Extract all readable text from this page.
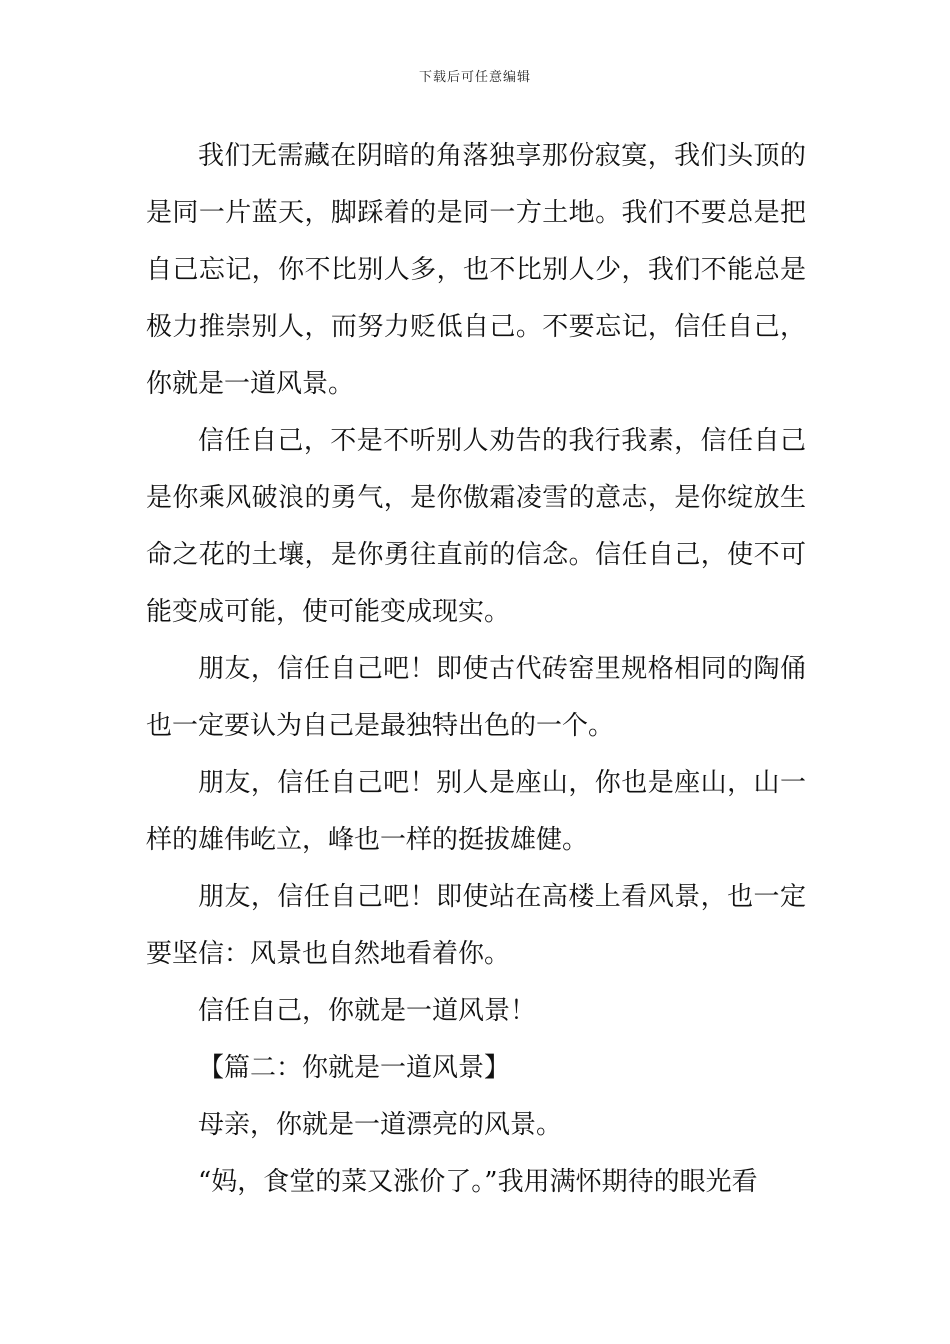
下载后可任意编辑

我们无需藏在阴暗的角落独享那份寂寞，我们头顶的是同一片蓝天，脚踩着的是同一方土地。我们不要总是把自己忘记，你不比别人多，也不比别人少，我们不能总是极力推崇别人，而努力贬低自己。不要忘记，信任自己，你就是一道风景。

信任自己，不是不听别人劝告的我行我素，信任自己是你乘风破浪的勇气，是你傲霜凌雪的意志，是你绽放生命之花的土壤，是你勇往直前的信念。信任自己，使不可能变成可能，使可能变成现实。

朋友，信任自己吧！即使古代砖窑里规格相同的陶俑也一定要认为自己是最独特出色的一个。

朋友，信任自己吧！别人是座山，你也是座山，山一样的雄伟屹立，峰也一样的挺拔雄健。

朋友，信任自己吧！即使站在高楼上看风景，也一定要坚信：风景也自然地看着你。

信任自己，你就是一道风景！

【篇二：你就是一道风景】

母亲，你就是一道漂亮的风景。

“妈，食堂的菜又涨价了。”我用满怀期待的眼光看
